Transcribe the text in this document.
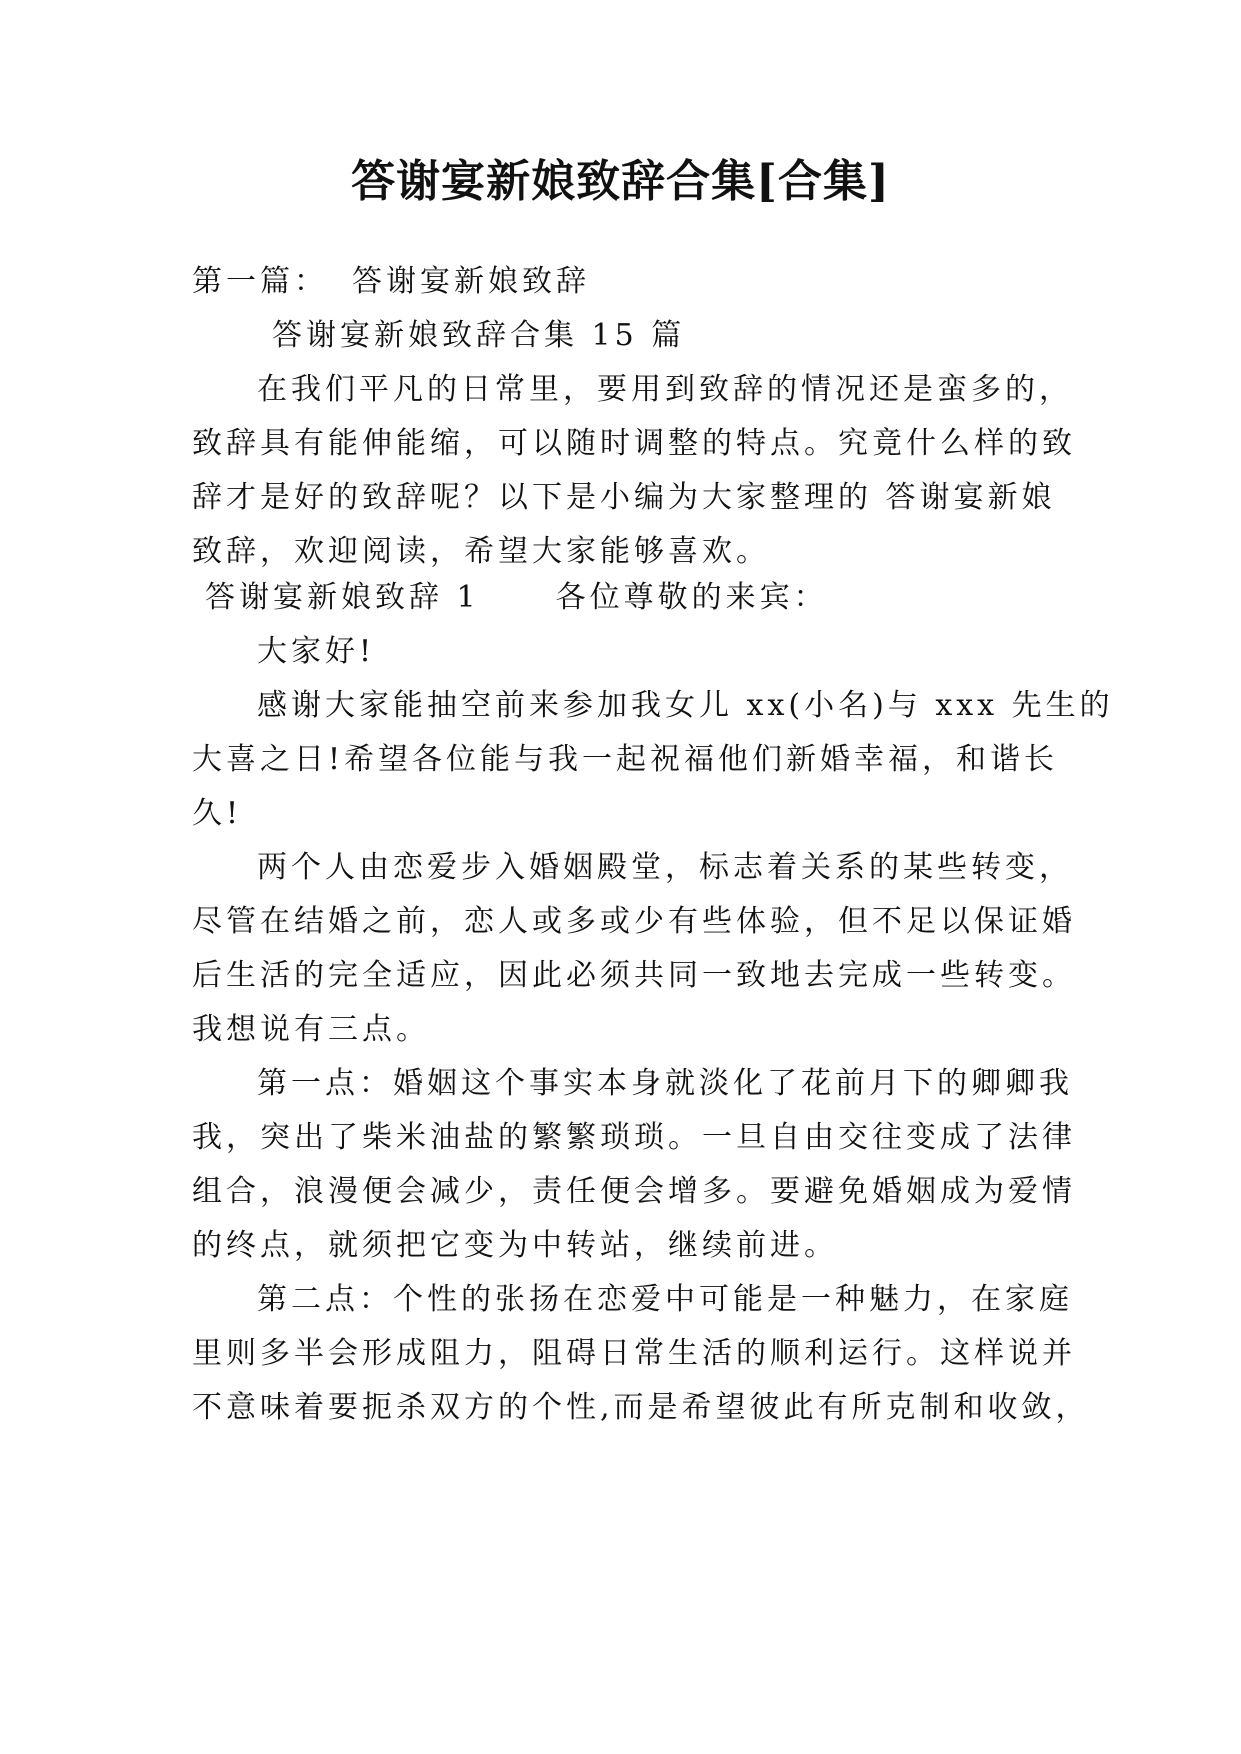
答谢宴新娘致辞合集[合集]
第一篇： 答谢宴新娘致辞
答谢宴新娘致辞合集 15 篇
在我们平凡的日常里，要用到致辞的情况还是蛮多的，
致辞具有能伸能缩，可以随时调整的特点。究竟什么样的致
辞才是好的致辞呢？以下是小编为大家整理的 答谢宴新娘
致辞，欢迎阅读，希望大家能够喜欢。
答谢宴新娘致辞 1	各位尊敬的来宾：
大家好!
感谢大家能抽空前来参加我女儿 xx(小名)与 xxx 先生的
大喜之日!希望各位能与我一起祝福他们新婚幸福，和谐长
久!
两个人由恋爱步入婚姻殿堂，标志着关系的某些转变，
尽管在结婚之前，恋人或多或少有些体验，但不足以保证婚
后生活的完全适应，因此必须共同一致地去完成一些转变。
我想说有三点。
第一点：婚姻这个事实本身就淡化了花前月下的卿卿我
我，突出了柴米油盐的繁繁琐琐。一旦自由交往变成了法律
组合，浪漫便会减少，责任便会增多。要避免婚姻成为爱情
的终点，就须把它变为中转站，继续前进。
第二点：个性的张扬在恋爱中可能是一种魅力，在家庭
里则多半会形成阻力，阻碍日常生活的顺利运行。这样说并
不意味着要扼杀双方的个性,而是希望彼此有所克制和收敛，
